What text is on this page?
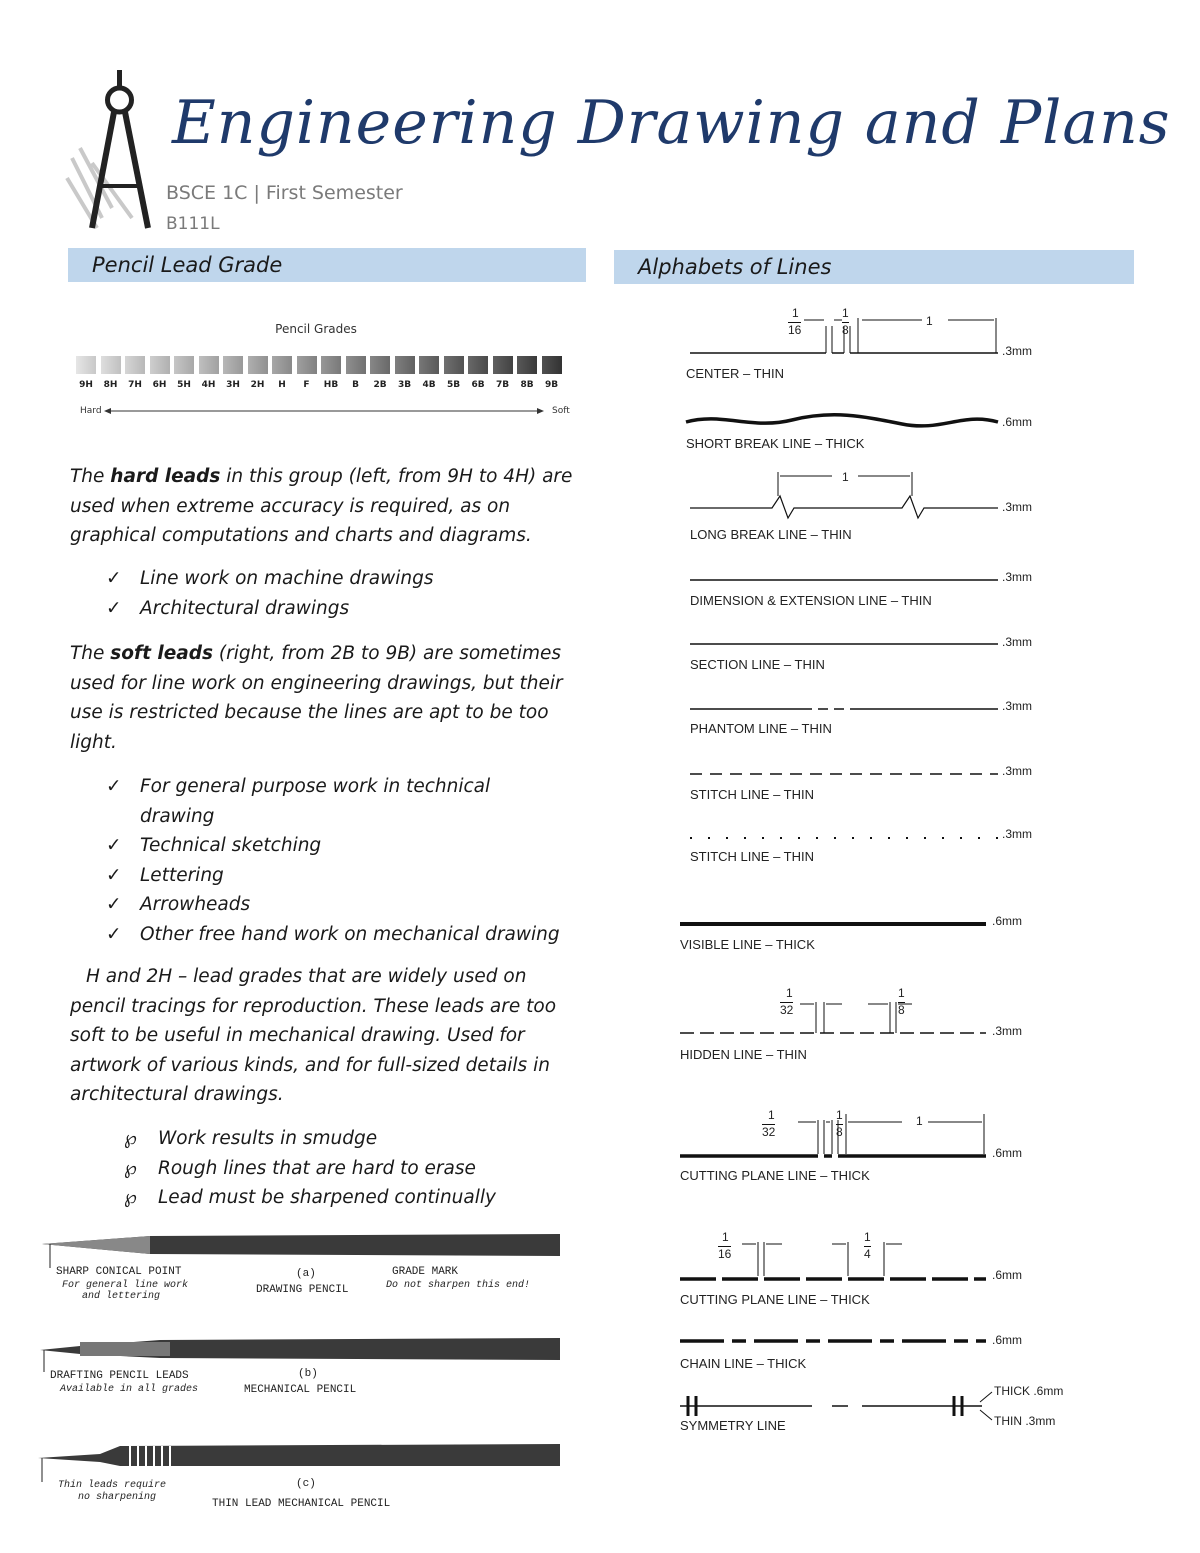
Engineering Drawing and Plans
BSCE 1C | First Semester
B111L
Pencil Lead Grade
Pencil Grades
9H	8H	7H	6H	5H	4H	3H	2H	H	F	HB	B	2B	3B	4B	5B	6B	7B	8B	9B
Hard	Soft
The hard leads in this group (left, from 9H to 4H) are used when extreme accuracy is required, as on graphical computations and charts and diagrams.
✓ Line work on machine drawings
✓ Architectural drawings
The soft leads (right, from 2B to 9B) are sometimes used for line work on engineering drawings, but their use is restricted because the lines are apt to be too light.
✓ For general purpose work in technical drawing
✓ Technical sketching
✓ Lettering
✓ Arrowheads
✓ Other free hand work on mechanical drawing
H and 2H – lead grades that are widely used on pencil tracings for reproduction. These leads are too soft to be useful in mechanical drawing. Used for artwork of various kinds, and for full-sized details in architectural drawings.
℘ Work results in smudge
℘ Rough lines that are hard to erase
℘ Lead must be sharpened continually
SHARP CONICAL POINT
For general line work
and lettering
(a)
DRAWING PENCIL
GRADE MARK
Do not sharpen this end!
DRAFTING PENCIL LEADS
Available in all grades
(b)
MECHANICAL PENCIL
Thin leads require
no sharpening
(c)
THIN LEAD MECHANICAL PENCIL
Alphabets of Lines
1
16
1
8
1
1
1
32
1
8
1
32
1
8
1
1
16
1
4
CENTER – THIN
.3mm
SHORT BREAK LINE – THICK
.6mm
LONG BREAK LINE – THIN
.3mm
DIMENSION & EXTENSION LINE – THIN
.3mm
SECTION LINE – THIN
.3mm
PHANTOM LINE – THIN
.3mm
STITCH LINE – THIN
.3mm
STITCH LINE – THIN
.3mm
VISIBLE LINE – THICK
.6mm
HIDDEN LINE – THIN
.3mm
CUTTING PLANE LINE – THICK
.6mm
CUTTING PLANE LINE – THICK
.6mm
CHAIN LINE – THICK
.6mm
SYMMETRY LINE
THICK .6mm
THIN .3mm
